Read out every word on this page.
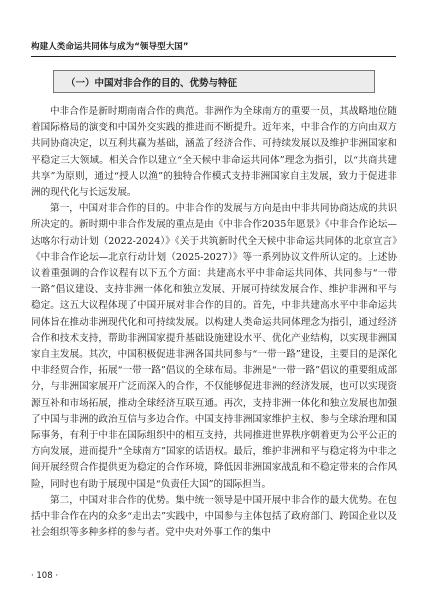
构建人类命运共同体与成为“领导型大国”
（一）中国对非合作的目的、优势与特征

中非合作是新时期南南合作的典范。非洲作为全球南方的重要一员，其战略地位随着国际格局的演变和中国外交实践的推进而不断提升。近年来，中非合作的方向由双方共同协商决定，以互利共赢为基础，涵盖了经济合作、可持续发展以及维护非洲国家和平稳定三大领域。相关合作以建立“全天候中非命运共同体”理念为指引，以“共商共建共享”为原则，通过“授人以渔”的独特合作模式支持非洲国家自主发展，致力于促进非洲的现代化与长远发展。

第一，中国对非合作的目的。中非合作的发展与方向是由中非共同协商达成的共识所决定的。新时期中非合作发展的重点是由《中非合作2035年愿景》《中非合作论坛—达喀尔行动计划（2022-2024）》《关于共筑新时代全天候中非命运共同体的北京宣言》《中非合作论坛—北京行动计划（2025-2027）》等一系列协议文件所认定的。上述协议着重强调的合作议程有以下五个方面：共建高水平中非命运共同体、共同参与“一带一路”倡议建设、支持非洲一体化和独立发展、开展可持续发展合作、维护非洲和平与稳定。这五大议程体现了中国开展对非合作的目的。首先，中非共建高水平中非命运共同体旨在推动非洲现代化和可持续发展。以构建人类命运共同体理念为指引，通过经济合作和技术支持，帮助非洲国家提升基础设施建设水平、优化产业结构，以实现非洲国家自主发展。其次，中国积极促进非洲各国共同参与“一带一路”建设，主要目的是深化中非经贸合作，拓展“一带一路”倡议的全球布局。非洲是“一带一路”倡议的重要组成部分，与非洲国家展开广泛而深入的合作，不仅能够促进非洲的经济发展，也可以实现资源互补和市场拓展，推动全球经济互联互通。再次，支持非洲一体化和独立发展也加强了中国与非洲的政治互信与多边合作。中国支持非洲国家维护主权、参与全球治理和国际事务，有利于中非在国际组织中的相互支持，共同推进世界秩序朝着更为公平公正的方向发展，进而提升“全球南方”国家的话语权。最后，维护非洲和平与稳定将为中非之间开展经贸合作提供更为稳定的合作环境，降低因非洲国家战乱和不稳定带来的合作风险，同时也有助于展现中国是“负责任大国”的国际担当。

第二，中国对非合作的优势。集中统一领导是中国开展中非合作的最大优势。在包括中非合作在内的众多“走出去”实践中，中国参与主体包括了政府部门、跨国企业以及社会组织等多种多样的参与者。党中央对外事工作的集中

· 108 ·
